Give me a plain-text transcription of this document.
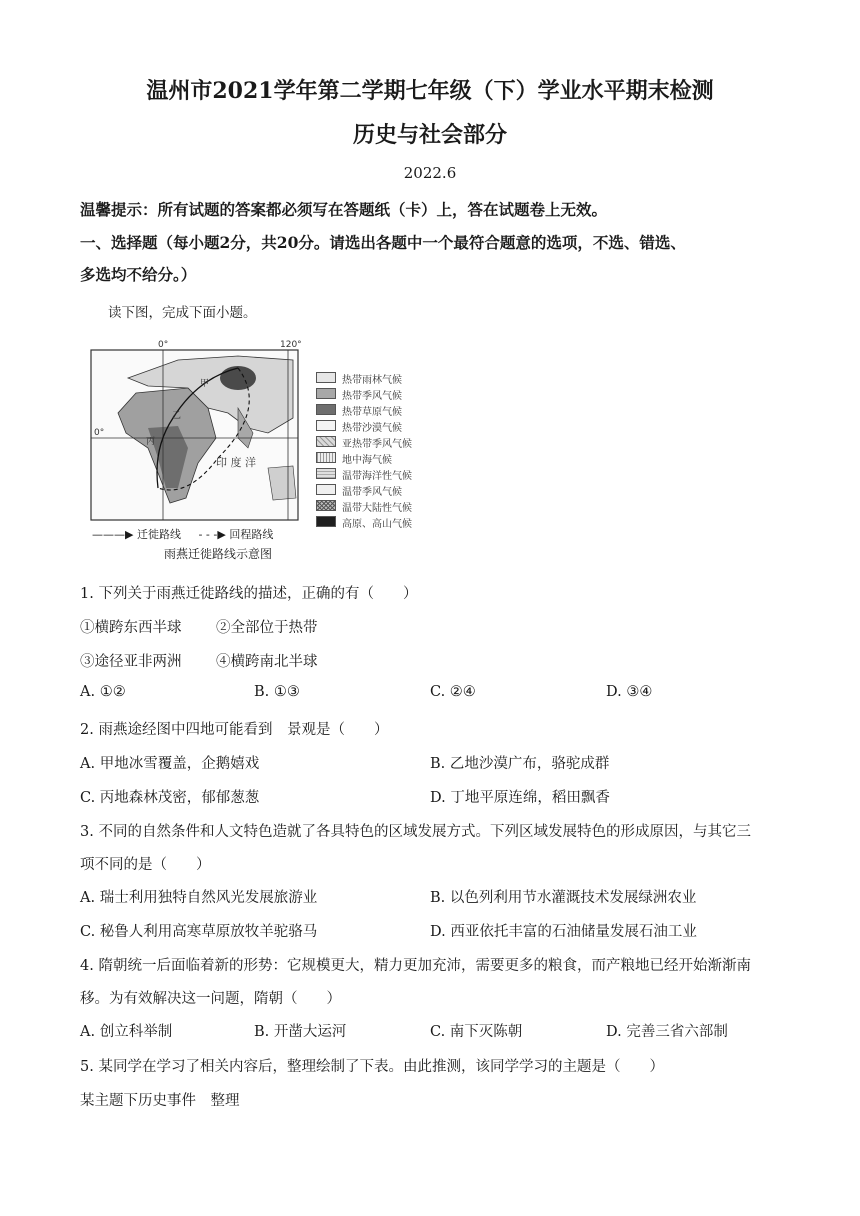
温州市2021学年第二学期七年级（下）学业水平期末检测
历史与社会部分
2022.6
温馨提示：所有试题的答案都必须写在答题纸（卡）上，答在试题卷上无效。
一、选择题（每小题2分，共20分。请选出各题中一个最符合题意的选项，不选、错选、
多选均不给分。）
读下图，完成下面小题。
0°	120°
0°
甲
乙
丙
印 度 洋
———▶ 迁徙路线 - - -▶ 回程路线
雨燕迁徙路线示意图
热带雨林气候
热带季风气候
热带草原气候
热带沙漠气候
亚热带季风气候
地中海气候
温带海洋性气候
温带季风气候
温带大陆性气候
高原、高山气候
1. 下列关于雨燕迁徙路线的描述，正确的有（　　）
①横跨东西半球 ②全部位于热带
③途径亚非两洲 ④横跨南北半球
A. ①②	B. ①③	C. ②④	D. ③④
2. 雨燕途经图中四地可能看到　景观是（　　）
A. 甲地冰雪覆盖，企鹅嬉戏	B. 乙地沙漠广布，骆驼成群
C. 丙地森林茂密，郁郁葱葱	D. 丁地平原连绵，稻田飘香
3. 不同的自然条件和人文特色造就了各具特色的区域发展方式。下列区域发展特色的形成原因，与其它三
项不同的是（　　）
A. 瑞士利用独特自然风光发展旅游业	B. 以色列利用节水灌溉技术发展绿洲农业
C. 秘鲁人利用高寒草原放牧羊驼骆马	D. 西亚依托丰富的石油储量发展石油工业
4. 隋朝统一后面临着新的形势：它规模更大，精力更加充沛，需要更多的粮食，而产粮地已经开始渐渐南
移。为有效解决这一问题，隋朝（　　）
A. 创立科举制	B. 开凿大运河	C. 南下灭陈朝	D. 完善三省六部制
5. 某同学在学习了相关内容后，整理绘制了下表。由此推测，该同学学习的主题是（　　）
某主题下历史事件　整理
